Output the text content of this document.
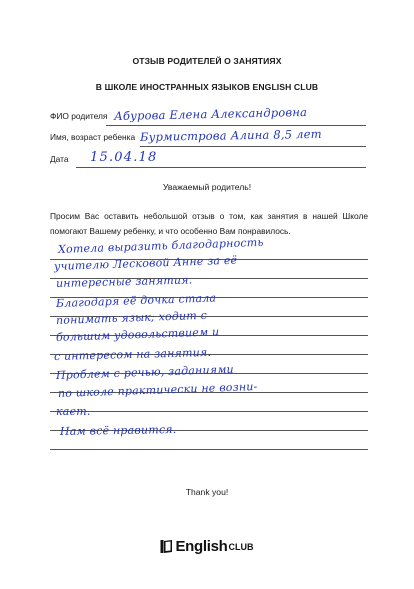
ОТЗЫВ РОДИТЕЛЕЙ О ЗАНЯТИЯХ
В ШКОЛЕ ИНОСТРАННЫХ ЯЗЫКОВ ENGLISH CLUB
ФИО родителя Абурова Елена Александровна
Имя, возраст ребенка Бурмистрова Алина 8,5 лет
Дата 15.04.18
Уважаемый родитель!
Просим Вас оставить небольшой отзыв о том, как занятия в нашей Школе помогают Вашему ребенку, и что особенно Вам понравилось.
Хотела выразить благодарность
учителю Лесковой Анне за её
интересные занятия.
Благодаря её дочка стала
понимать язык; ходит с
большим удовольствием и
с интересом на занятия.
Проблем с речью, заданиями
по школе практически не возни-
кает.
Нам всё нравится.
Thank you!
English CLUB
